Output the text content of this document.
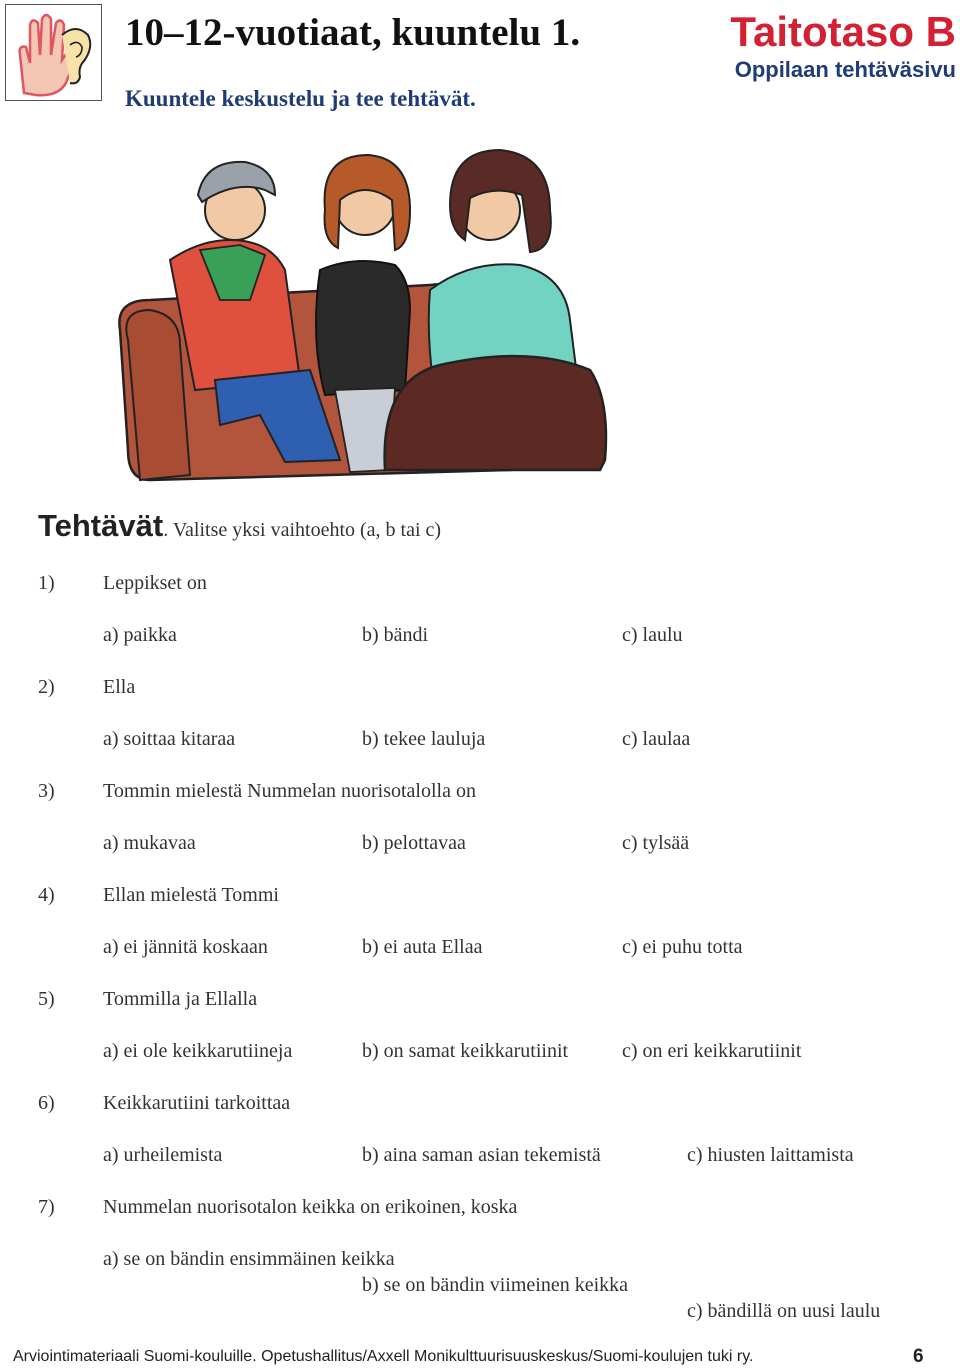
10–12-vuotiaat, kuuntelu 1.

Kuuntele keskustelu ja tee tehtävät.

Taitotaso B

Oppilaan tehtäväsivu

Tehtävät. Valitse yksi vaihtoehto (a, b tai c)
1) Leppikset on
a) paikka	b) bändi	c) laulu
2) Ella
a) soittaa kitaraa	b) tekee lauluja	c) laulaa
3) Tommin mielestä Nummelan nuorisotalolla on
a) mukavaa	b) pelottavaa	c) tylsää
4) Ellan mielestä Tommi
a) ei jännitä koskaan	b) ei auta Ellaa	c) ei puhu totta
5) Tommilla ja Ellalla
a) ei ole keikkarutiineja	b) on samat keikkarutiinit	c) on eri keikkarutiinit
6) Keikkarutiini tarkoittaa
a) urheilemista	b) aina saman asian tekemistä	c) hiusten laittamista
7) Nummelan nuorisotalon keikka on erikoinen, koska
a) se on bändin ensimmäinen keikka
b) se on bändin viimeinen keikka
c) bändillä on uusi laulu
Arviointimateriaali Suomi-kouluille. Opetushallitus/Axxell Monikulttuurisuuskeskus/Suomi-koulujen tuki ry.	6
